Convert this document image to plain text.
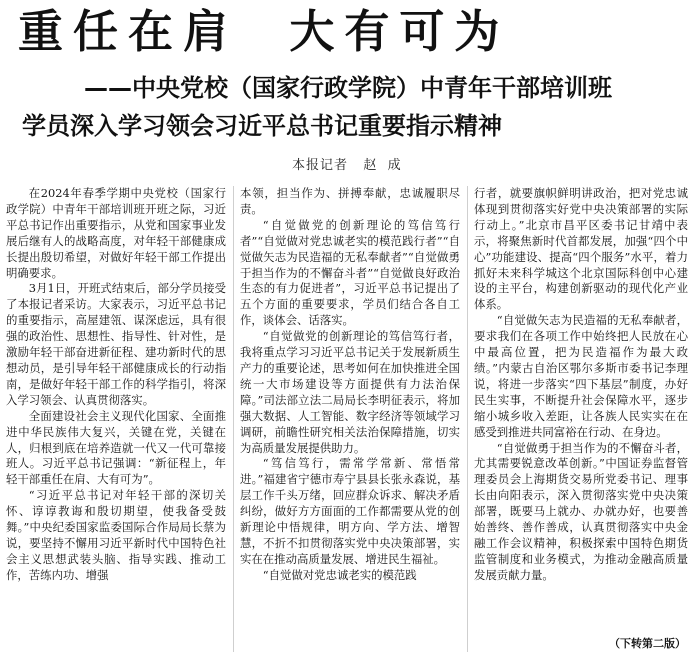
重任在肩  大有可为
——中央党校（国家行政学院）中青年干部培训班
学员深入学习领会习近平总书记重要指示精神
本报记者   赵  成

在2024年春季学期中央党校（国家行政学院）中青年干部培训班开班之际，习近平总书记作出重要指示，从党和国家事业发展后继有人的战略高度，对年轻干部健康成长提出殷切希望，对做好年轻干部工作提出明确要求。

3月1日，开班式结束后，部分学员接受了本报记者采访。大家表示，习近平总书记的重要指示，高屋建瓴、谋深虑远，具有很强的政治性、思想性、指导性、针对性，是激励年轻干部奋进新征程、建功新时代的思想动员，是引导年轻干部健康成长的行动指南，是做好年轻干部工作的科学指引，将深入学习领会、认真贯彻落实。

全面建设社会主义现代化国家、全面推进中华民族伟大复兴，关键在党，关键在人，归根到底在培养造就一代又一代可靠接班人。习近平总书记强调：“新征程上，年轻干部重任在肩、大有可为”。

“习近平总书记对年轻干部的深切关怀、谆谆教诲和殷切期望，使我备受鼓舞。”中央纪委国家监委国际合作局局长蔡为说，要坚持不懈用习近平新时代中国特色社会主义思想武装头脑、指导实践、推动工作，苦练内功、增强

本领，担当作为、拼搏奉献，忠诚履职尽责。

“自觉做党的创新理论的笃信笃行者”“自觉做对党忠诚老实的模范践行者”“自觉做矢志为民造福的无私奉献者”“自觉做勇于担当作为的不懈奋斗者”“自觉做良好政治生态的有力促进者”，习近平总书记提出了五个方面的重要要求，学员们结合各自工作，谈体会、话落实。

“自觉做党的创新理论的笃信笃行者，我将重点学习习近平总书记关于发展新质生产力的重要论述，思考如何在加快推进全国统一大市场建设等方面提供有力法治保障。”司法部立法二局局长李明征表示，将加强大数据、人工智能、数字经济等领域学习调研，前瞻性研究相关法治保障措施，切实为高质量发展提供助力。

“笃信笃行，需常学常新、常悟常进。”福建省宁德市寿宁县县长张永森说，基层工作千头万绪，回应群众诉求、解决矛盾纠纷，做好方方面面的工作都需要从党的创新理论中悟规律，明方向、学方法、增智慧，不折不扣贯彻落实党中央决策部署，实实在在推动高质量发展、增进民生福祉。

“自觉做对党忠诚老实的模范践

行者，就要旗帜鲜明讲政治，把对党忠诚体现到贯彻落实好党中央决策部署的实际行动上。”北京市昌平区委书记甘靖中表示，将聚焦新时代首都发展，加强“四个中心”功能建设、提高“四个服务”水平，着力抓好未来科学城这个北京国际科创中心建设的主平台，构建创新驱动的现代化产业体系。

“自觉做矢志为民造福的无私奉献者，要求我们在各项工作中始终把人民放在心中最高位置，把为民造福作为最大政绩。”内蒙古自治区鄂尔多斯市委书记李理说，将进一步落实“四下基层”制度，办好民生实事，不断提升社会保障水平，逐步缩小城乡收入差距，让各族人民实实在在感受到推进共同富裕在行动、在身边。

“自觉做勇于担当作为的不懈奋斗者，尤其需要锐意改革创新。”中国证券监督管理委员会上海期货交易所党委书记、理事长由向阳表示，深入贯彻落实党中央决策部署，既要马上就办、办就办好，也要善始善终、善作善成，认真贯彻落实中央金融工作会议精神，积极探索中国特色期货监管制度和业务模式，为推动金融高质量发展贡献力量。

（下转第二版）
